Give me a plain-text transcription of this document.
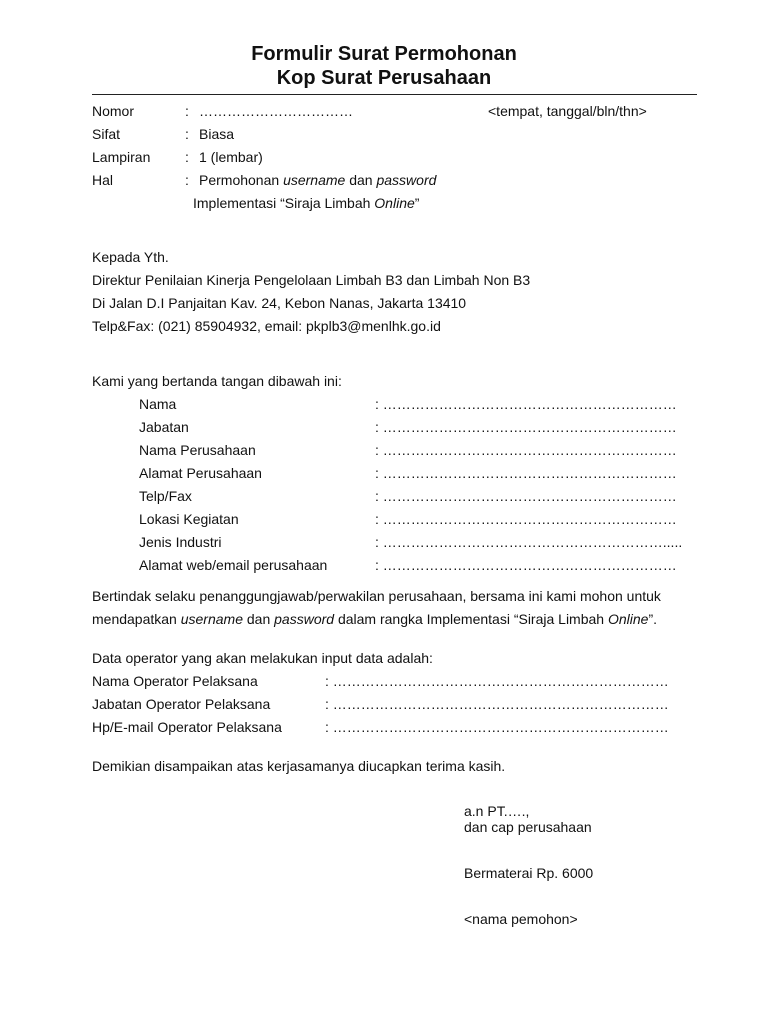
Formulir Surat Permohonan
Kop Surat Perusahaan
Nomor	: ……………………………	<tempat, tanggal/bln/thn>
Sifat	: Biasa
Lampiran : 1 (lembar)
Hal	: Permohonan username dan password
Implementasi “Siraja Limbah Online”
Kepada Yth.
Direktur Penilaian Kinerja Pengelolaan Limbah B3 dan Limbah Non B3
Di Jalan D.I Panjaitan Kav. 24, Kebon Nanas, Jakarta 13410
Telp&Fax: (021) 85904932, email: pkplb3@menlhk.go.id
Kami yang bertanda tangan dibawah ini:
Nama	: ………………………………………………………
Jabatan	: ………………………………………………………
Nama Perusahaan	: ………………………………………………………
Alamat Perusahaan	: ………………………………………………………
Telp/Fax	: ………………………………………………………
Lokasi Kegiatan	: ………………………………………………………
Jenis Industri	: …………………………………………………….....
Alamat web/email perusahaan	: ………………………………………………………
Bertindak selaku penanggungjawab/perwakilan perusahaan, bersama ini kami mohon untuk
mendapatkan username dan password dalam rangka Implementasi “Siraja Limbah Online”.
Data operator yang akan melakukan input data adalah:
Nama Operator Pelaksana	: ………………………………………………………………
Jabatan Operator Pelaksana	: ………………………………………………………………
Hp/E-mail Operator Pelaksana	: ………………………………………………………………
Demikian disampaikan atas kerjasamanya diucapkan terima kasih.
a.n PT.….,
dan cap perusahaan
Bermaterai Rp. 6000
<nama pemohon>
